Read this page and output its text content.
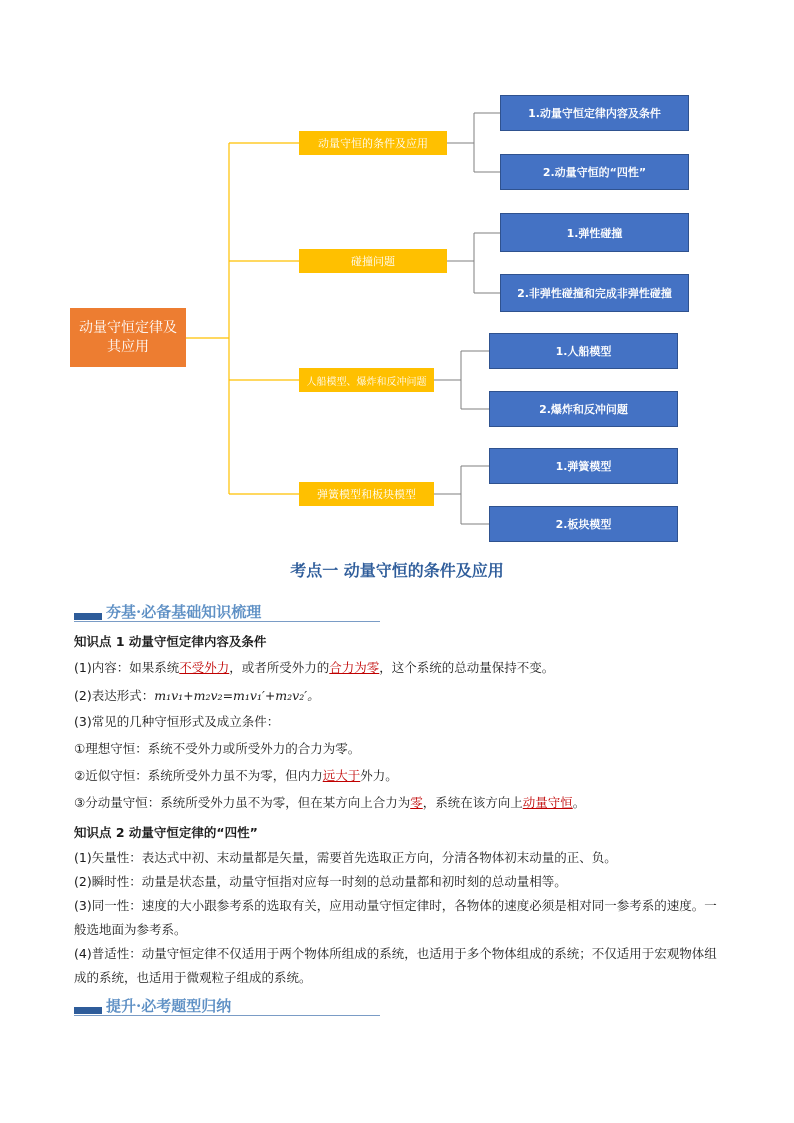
动量守恒定律及其应用
动量守恒的条件及应用
碰撞问题
人船模型、爆炸和反冲问题
弹簧模型和板块模型
1.动量守恒定律内容及条件
2.动量守恒的“四性”
1.弹性碰撞
2.非弹性碰撞和完成非弹性碰撞
1.人船模型
2.爆炸和反冲问题
1.弹簧模型
2.板块模型
考点一 动量守恒的条件及应用
夯基·必备基础知识梳理
知识点 1 动量守恒定律内容及条件
(1)内容：如果系统不受外力，或者所受外力的合力为零，这个系统的总动量保持不变。
(2)表达形式：m₁v₁+m₂v₂=m₁v₁′+m₂v₂′。
(3)常见的几种守恒形式及成立条件：
①理想守恒：系统不受外力或所受外力的合力为零。
②近似守恒：系统所受外力虽不为零，但内力远大于外力。
③分动量守恒：系统所受外力虽不为零，但在某方向上合力为零，系统在该方向上动量守恒。
知识点 2 动量守恒定律的“四性”
(1)矢量性：表达式中初、末动量都是矢量，需要首先选取正方向，分清各物体初末动量的正、负。
(2)瞬时性：动量是状态量，动量守恒指对应每一时刻的总动量都和初时刻的总动量相等。
(3)同一性：速度的大小跟参考系的选取有关，应用动量守恒定律时，各物体的速度必须是相对同一参考系的速度。一般选地面为参考系。
(4)普适性：动量守恒定律不仅适用于两个物体所组成的系统，也适用于多个物体组成的系统；不仅适用于宏观物体组成的系统，也适用于微观粒子组成的系统。
提升·必考题型归纳
